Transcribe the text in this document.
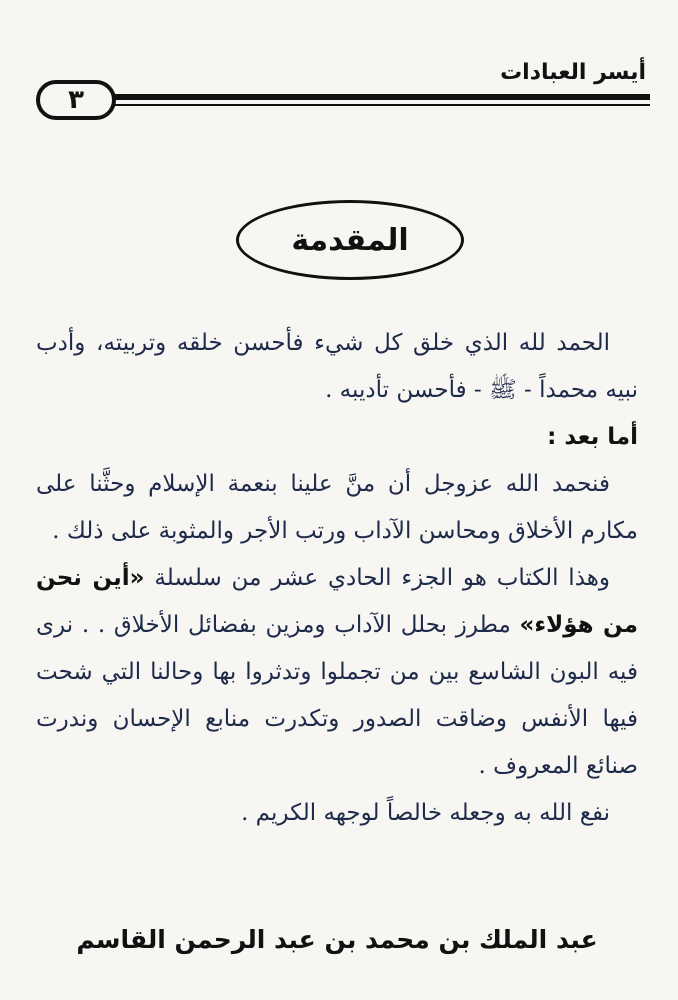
أيسر العبادات
٣
المقدمة

الحمد لله الذي خلق كل شيء فأحسن خلقه وتربيته، وأدب نبيه محمداً - ﷺ - فأحسن تأديبه .

أما بعد :

فنحمد الله عزوجل أن منَّ علينا بنعمة الإسلام وحثَّنا على مكارم الأخلاق ومحاسن الآداب ورتب الأجر والمثوبة على ذلك .

وهذا الكتاب هو الجزء الحادي عشر من سلسلة «أين نحن من هؤلاء» مطرز بحلل الآداب ومزين بفضائل الأخلاق . . نرى فيه البون الشاسع بين من تجملوا وتدثروا بها وحالنا التي شحت فيها الأنفس وضاقت الصدور وتكدرت منابع الإحسان وندرت صنائع المعروف .

نفع الله به وجعله خالصاً لوجهه الكريم .

عبد الملك بن محمد بن عبد الرحمن القاسم
